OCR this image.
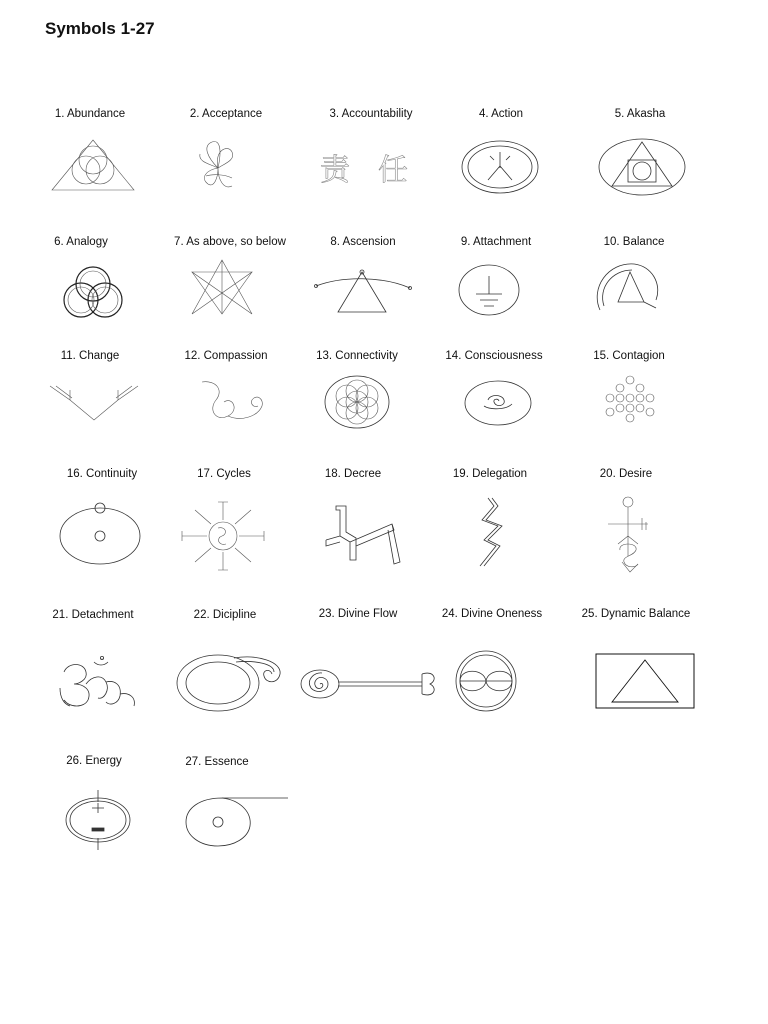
Symbols 1-27
1. Abundance	2. Acceptance	3. Accountability	4. Action	5. Akasha
6. Analogy	7. As above, so below	8. Ascension	9. Attachment	10. Balance
11. Change	12. Compassion	13. Connectivity	14. Consciousness	15. Contagion
16. Continuity	17. Cycles	18. Decree	19. Delegation	20. Desire
21. Detachment	22. Dicipline	23. Divine Flow	24. Divine Oneness	25. Dynamic Balance
26. Energy	27. Essence
责 任
